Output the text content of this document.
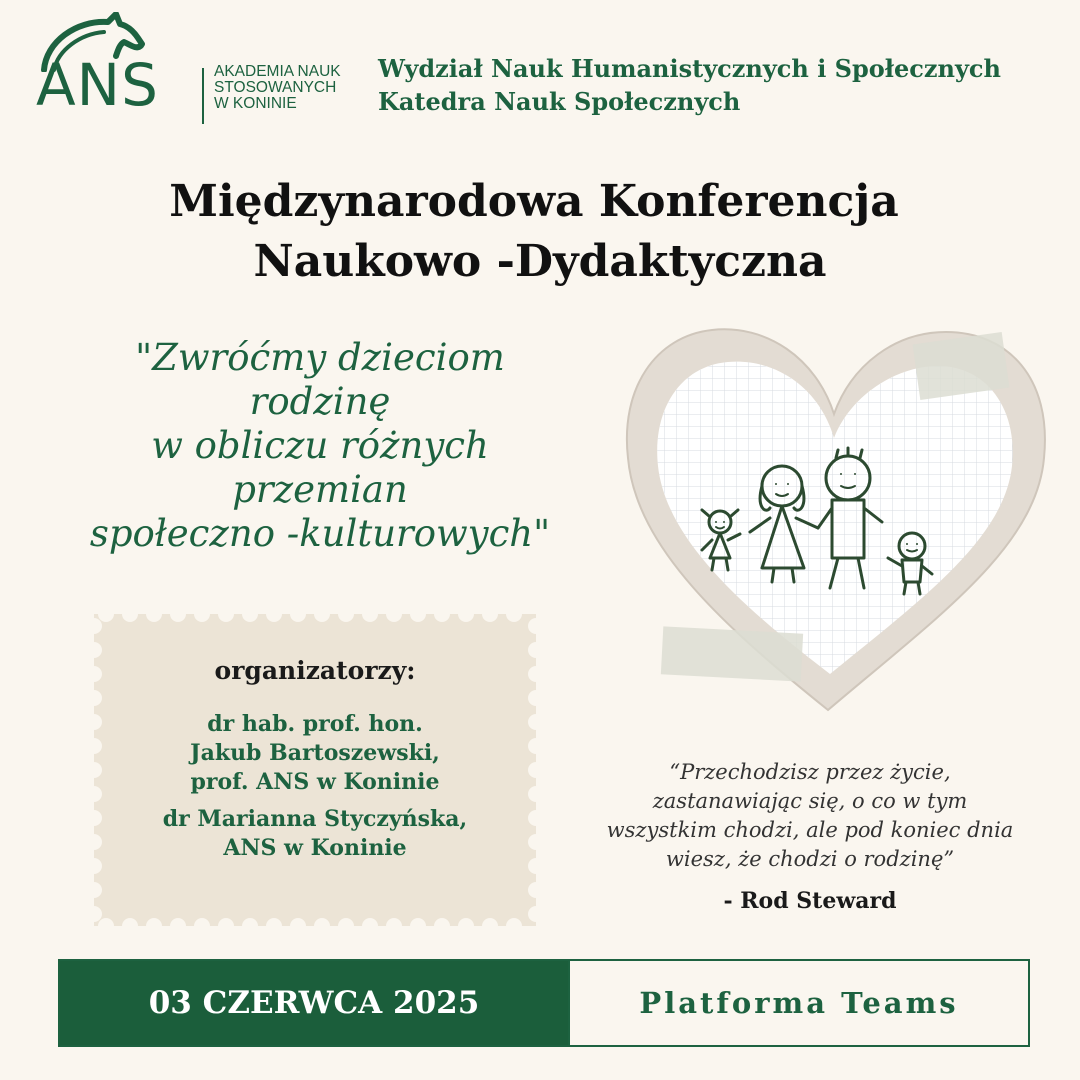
ANS	AKADEMIA NAUK
STOSOWANYCH
W KONINIE
Wydział Nauk Humanistycznych i Społecznych
Katedra Nauk Społecznych
Międzynarodowa Konferencja
Naukowo -Dydaktyczna
"Zwróćmy dzieciom
rodzinę
w obliczu różnych
przemian
społeczno -kulturowych"
organizatorzy:
dr hab. prof. hon.
Jakub Bartoszewski,
prof. ANS w Koninie
dr Marianna Styczyńska,
ANS w Koninie
“Przechodzisz przez życie,
zastanawiając się, o co w tym
wszystkim chodzi, ale pod koniec dnia
wiesz, że chodzi o rodzinę”
- Rod Steward
03 CZERWCA 2025	Platforma Teams
